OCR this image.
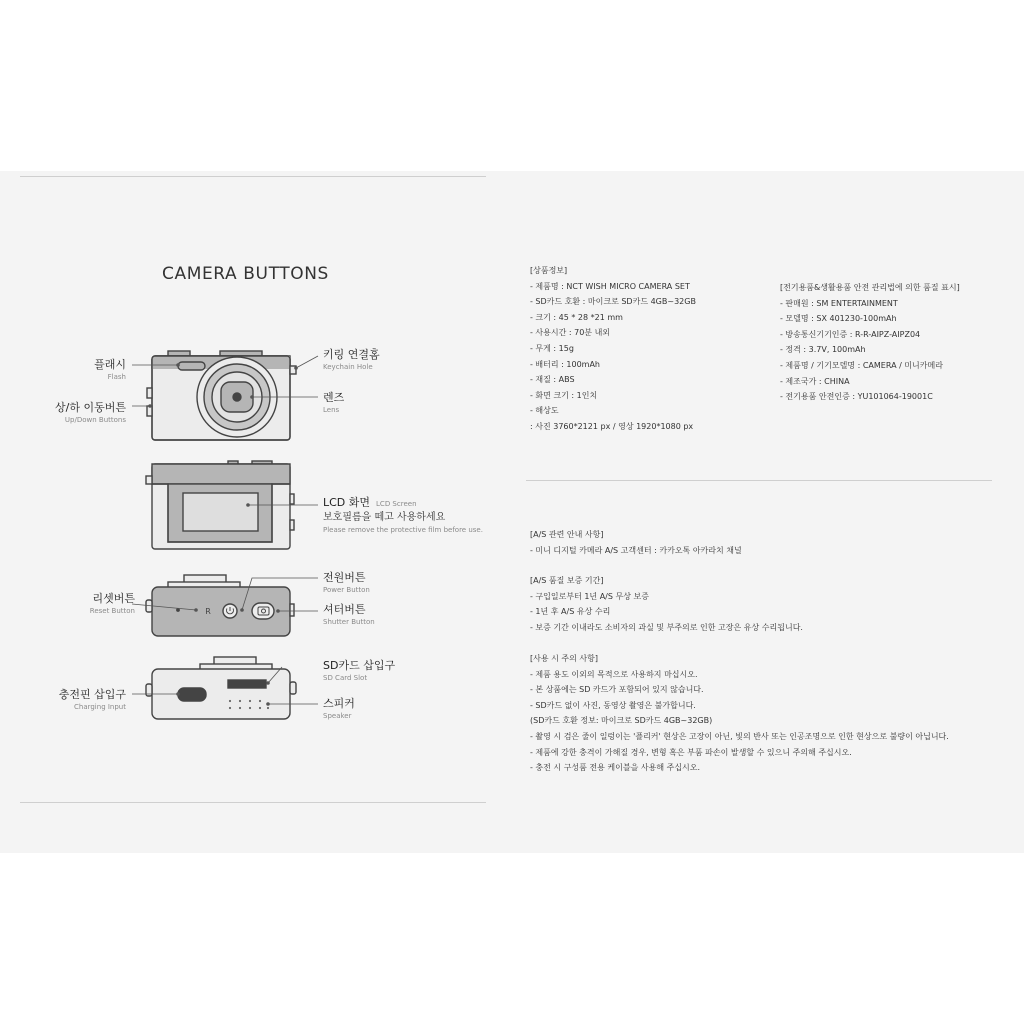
CAMERA BUTTONS
R
플래시
Flash
상/하 이동버튼
Up/Down Buttons
리셋버튼
Reset Button
충전핀 삽입구
Charging Input
키링 연결홈
Keychain Hole
렌즈
Lens
LCD 화면 LCD Screen
보호필름을 떼고 사용하세요
Please remove the protective film before use.
전원버튼
Power Button
셔터버튼
Shutter Button
SD카드 삽입구
SD Card Slot
스피커
Speaker

[상품정보]

- 제품명 : NCT WISH MICRO CAMERA SET

- SD카드 호환 : 마이크로 SD카드 4GB~32GB

- 크기 : 45 * 28 *21 mm

- 사용시간 : 70분 내외

- 무게 : 15g

- 배터리 : 100mAh

- 재질 : ABS

- 화면 크기 : 1인치

- 해상도

: 사진 3760*2121 px / 영상 1920*1080 px

[전기용품&생활용품 안전 관리법에 의한 품질 표시]

- 판매원 : SM ENTERTAINMENT

- 모델명 : SX 401230-100mAh

- 방송통신기기인증 : R-R-AIPZ-AIPZ04

- 정격 : 3.7V, 100mAh

- 제품명 / 기기모델명 : CAMERA / 미니카메라

- 제조국가 : CHINA

- 전기용품 안전인증 : YU101064-19001C

[A/S 관련 안내 사항]

- 미니 디지털 카메라 A/S 고객센터 : 카카오톡 아카라치 채널

[A/S 품질 보증 기간]

- 구입일로부터 1년 A/S 무상 보증

- 1년 후 A/S 유상 수리

- 보증 기간 이내라도 소비자의 과실 및 부주의로 인한 고장은 유상 수리됩니다.

[사용 시 주의 사항]

- 제품 용도 이외의 목적으로 사용하지 마십시오.

- 본 상품에는 SD 카드가 포함되어 있지 않습니다.

- SD카드 없이 사진, 동영상 촬영은 불가합니다.

(SD카드 호환 정보: 마이크로 SD카드 4GB~32GB)

- 촬영 시 검은 줄이 일렁이는 '플리커' 현상은 고장이 아닌, 빛의 반사 또는 인공조명으로 인한 현상으로 불량이 아닙니다.

- 제품에 강한 충격이 가해질 경우, 변형 혹은 부품 파손이 발생할 수 있으니 주의해 주십시오.

- 충전 시 구성품 전용 케이블을 사용해 주십시오.
